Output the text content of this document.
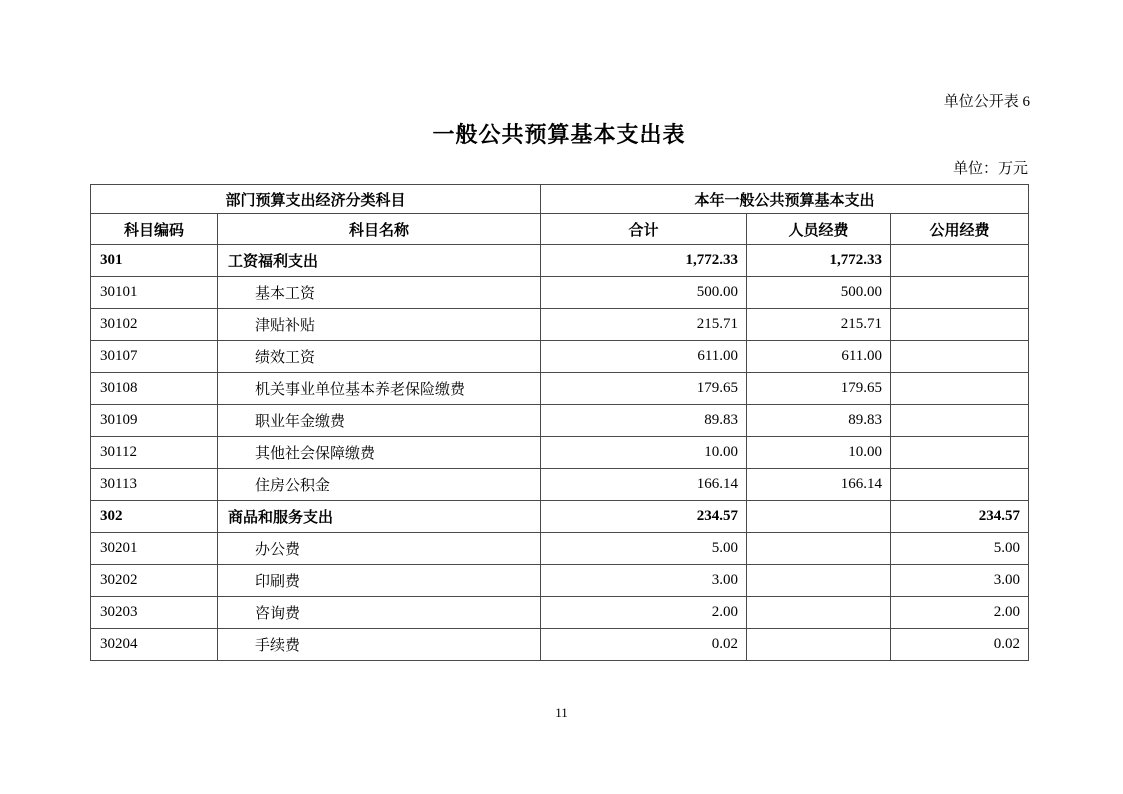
单位公开表 6
一般公共预算基本支出表
单位：万元
部门预算支出经济分类科目		本年一般公共预算基本支出		
科目编码	科目名称	合计	人员经费	公用经费
301	工资福利支出	1,772.33	1,772.33	
30101	基本工资	500.00	500.00	
30102	津贴补贴	215.71	215.71	
30107	绩效工资	611.00	611.00	
30108	机关事业单位基本养老保险缴费	179.65	179.65	
30109	职业年金缴费	89.83	89.83	
30112	其他社会保障缴费	10.00	10.00	
30113	住房公积金	166.14	166.14	
302	商品和服务支出	234.57		234.57
30201	办公费	5.00		5.00
30202	印刷费	3.00		3.00
30203	咨询费	2.00		2.00
30204	手续费	0.02		0.02
11
